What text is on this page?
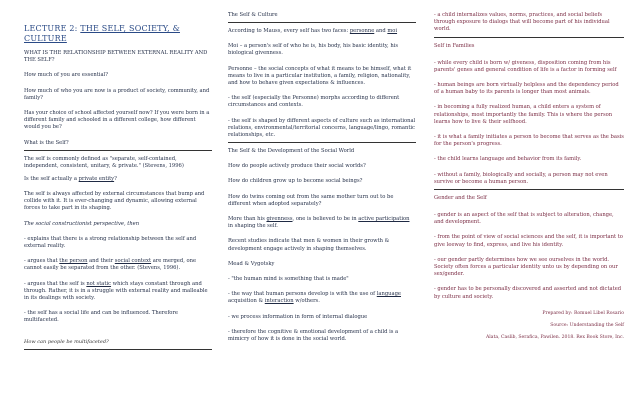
LECTURE 2: THE SELF, SOCIETY, & CULTURE

WHAT IS THE RELATIONSHIP BETWEEN EXTERNAL REALITY AND THE SELF?

How much of you are essential?

How much of who you are now is a product of society, community, and family?

Has your choice of school affected yourself now? If you were born in a different family and schooled in a different college, how different would you be?

What is the Self?

The self is commonly defined as "separate, self-contained, independent, consistent, unitary, & private." (Stevens, 1996)

Is the self actually a private entity?

The self is always affected by external circumstances that bump and collide with it. It is ever-changing and dynamic, allowing external forces to take part in its shaping.

The social constructionist perspective, then

- explains that there is a strong relationship between the self and external reality.

- argues that the person and their social context are merged, one cannot easily be separated from the other. (Stevens, 1996).

- argues that the self is not static which stays constant through and through. Rather, it is in a struggle with external reality and malleable in its dealings with society.

- the self has a social life and can be influenced. Therefore multifaceted.

How can people be multifaceted?

The Self & Culture

According to Mauss, every self has two faces: personne and moi

Moi – a person's self of who he is, his body, his basic identity, his biological givenness.

Personne – the social concepts of what it means to be himself, what it means to live in a particular institution, a family, religion, nationality, and how to behave given expectations & influences.

- the self (especially the Personne) morphs according to different circumstances and contexts.

- the self is shaped by different aspects of culture such as international relations, environmental/territorial concerns, language/lingo, romantic relationships, etc.

The Self & the Development of the Social World

How do people actively produce their social worlds?

How do children grow up to become social beings?

How do twins coming out from the same mother turn out to be different when adopted separately?

More than his givenness, one is believed to be in active participation in shaping the self.

Recent studies indicate that men & women in their growth & development engage actively in shaping themselves.

Mead & Vygotsky

- "the human mind is something that is made"

- the way that human persons develop is with the use of language acquisition & interaction w/others.

- we process information in form of internal dialogue

- therefore the cognitive & emotional development of a child is a mimicry of how it is done in the social world.

- a child internalizes values, norms, practices, and social beliefs through exposure to dialogs that will become part of his individual world.

Self in Families

- while every child is born w/ giveness, disposition coming from his parents' genes and general condition of life is a factor in forming self

- human beings are born virtually helpless and the dependency period of a human baby to its parents is longer than most animals.

- in becoming a fully realized human, a child enters a system of relationships, most importantly the family. This is where the person learns how to live & their selfhood.

- it is what a family initiates a person to become that serves as the basis for the person's progress.

- the child learns language and behavior from its family.

- without a family, biologically and socially, a person may not even survive or become a human person.

Gender and the Self

- gender is an aspect of the self that is subject to alteration, change, and development.

- from the point of view of social sciences and the self, it is important to give leeway to find, express, and live his identity.

- our gender partly determines how we see ourselves in the world. Society often forces a particular identity unto us by depending on our sex/gender.

- gender has to be personally discovered and asserted and not dictated by culture and society.

Prepared by: Romuel Libel Rosario

Source: Understanding the Self

Alata, Caslib, Serafica, Pawilen. 2018. Rex Book Store, Inc.
